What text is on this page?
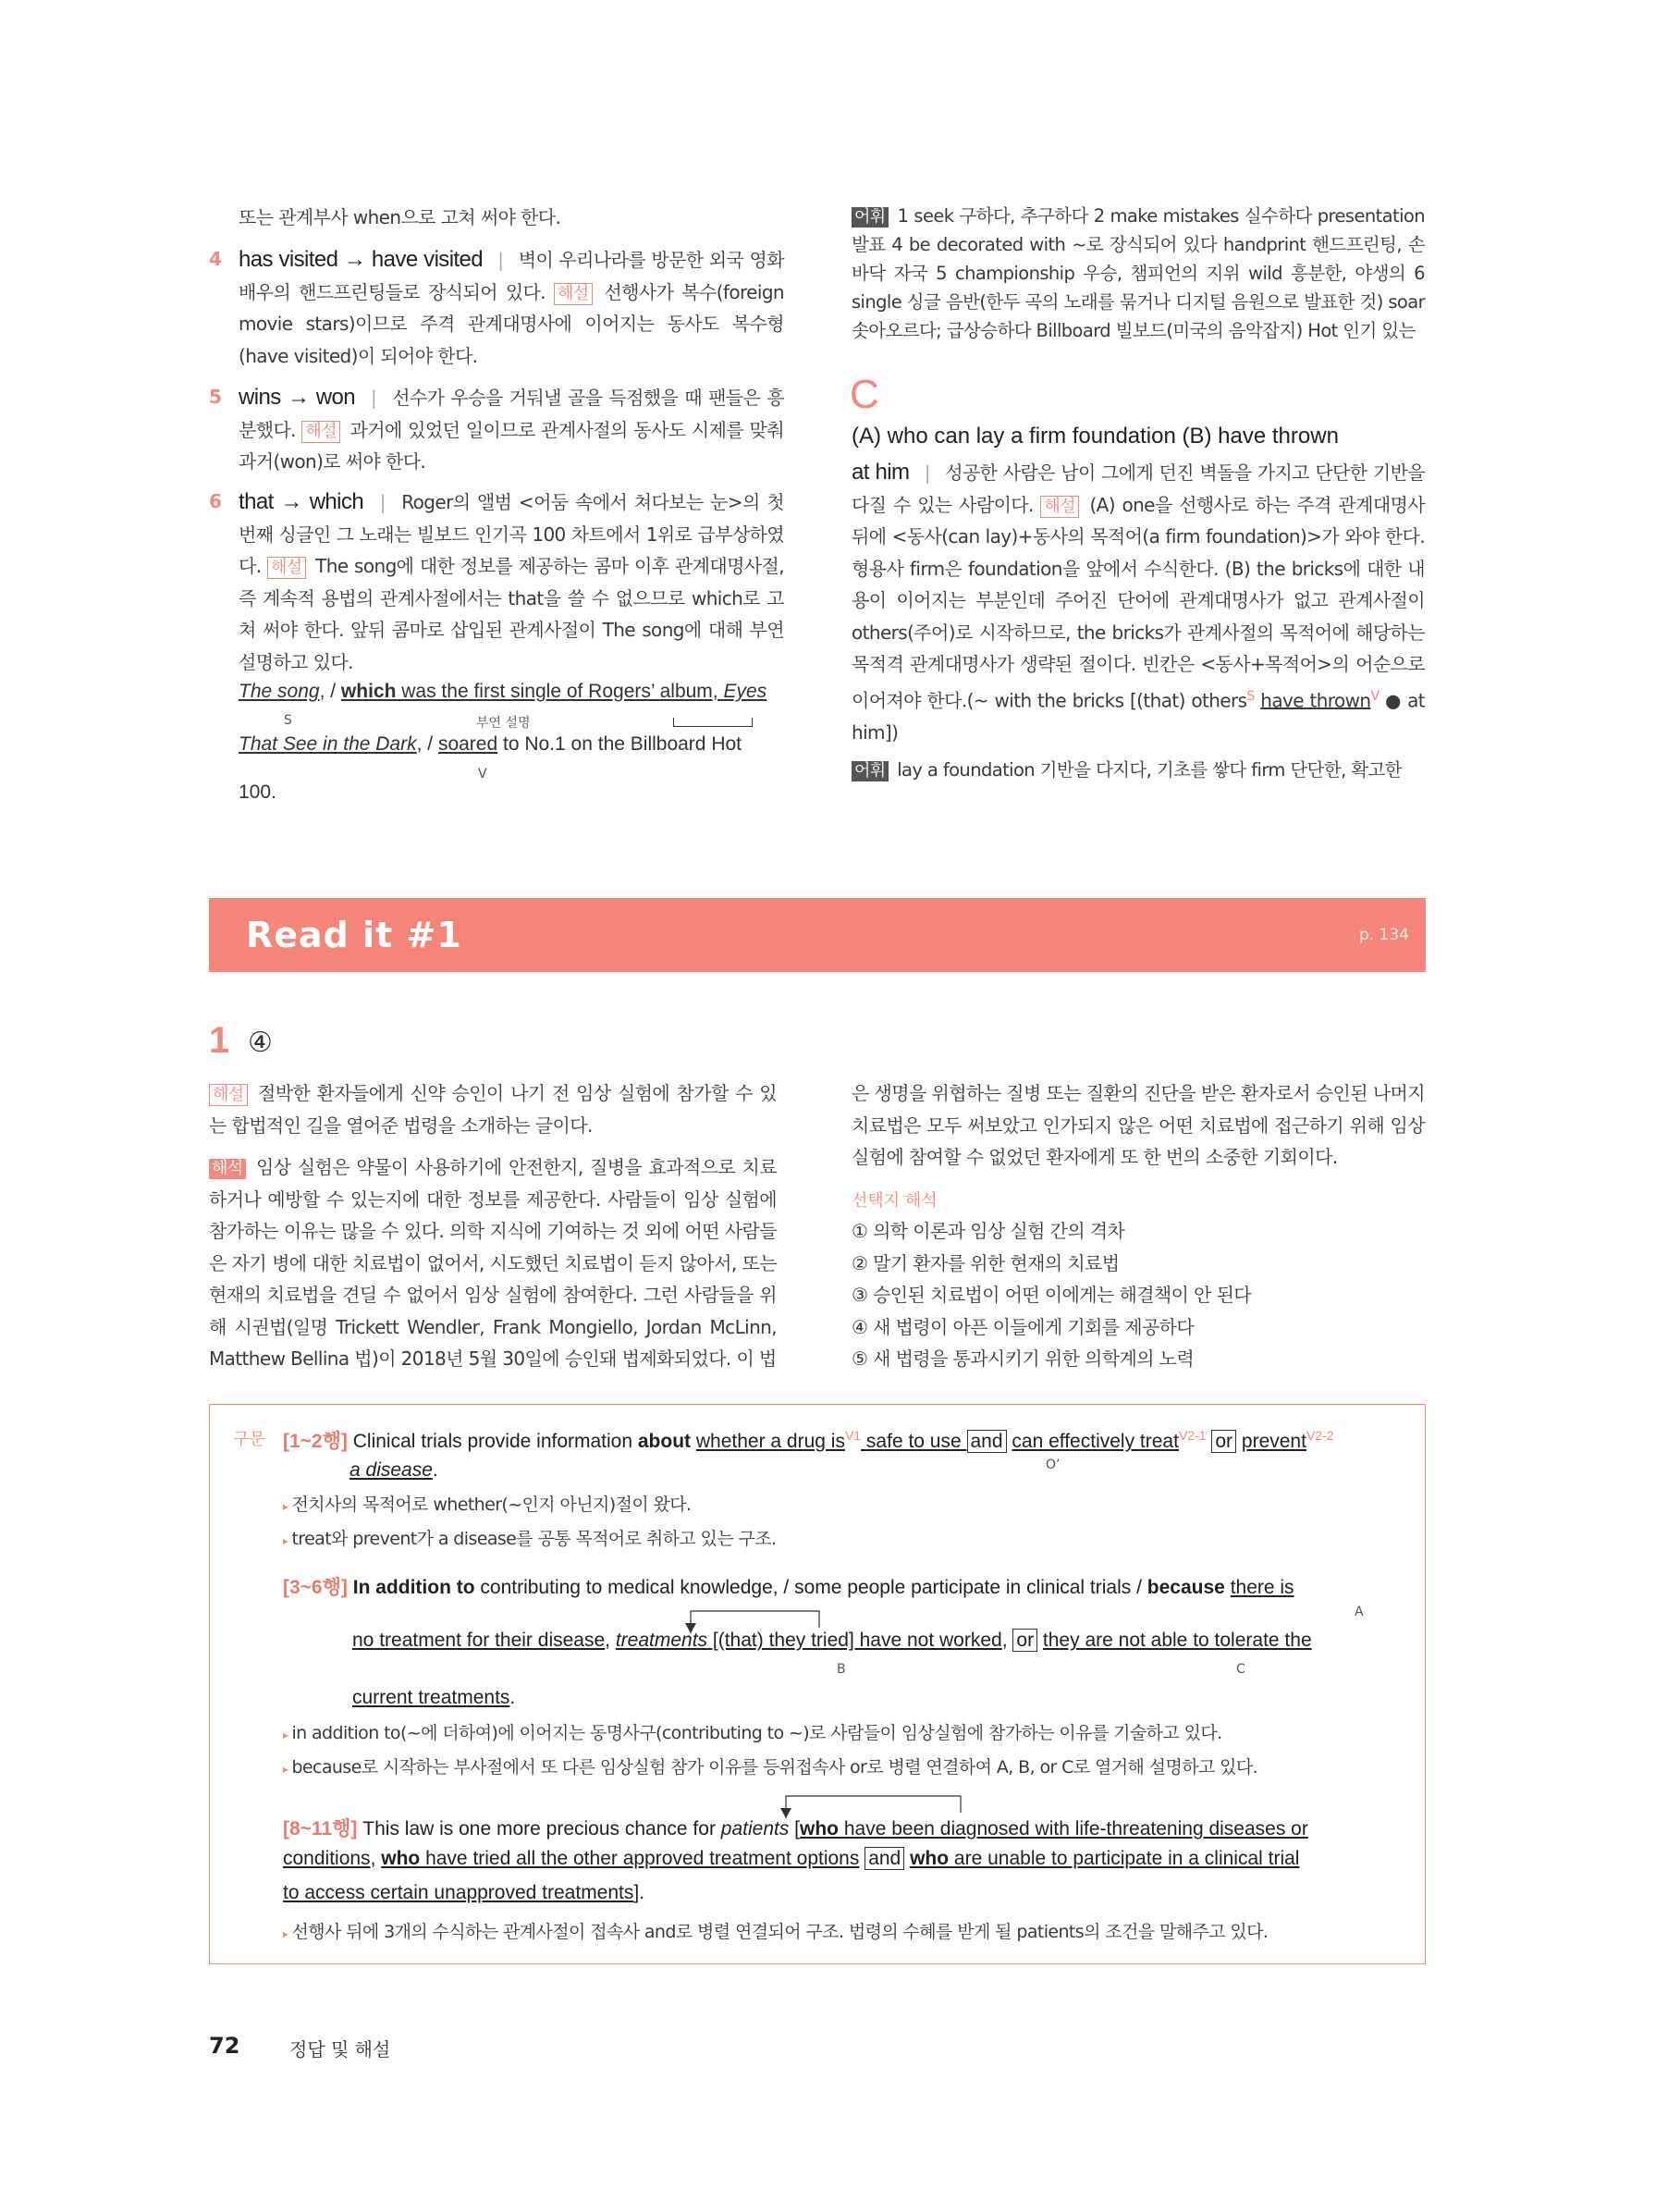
또는 관계부사 when으로 고쳐 써야 한다.
4 has visited → have visited | 벽이 우리나라를 방문한 외국 영화배우의 핸드프린팅들로 장식되어 있다. 해설 선행사가 복수(foreign movie stars)이므로 주격 관계대명사에 이어지는 동사도 복수형(have visited)이 되어야 한다.
5 wins → won | 선수가 우승을 거둬낼 골을 득점했을 때 팬들은 흥분했다. 해설 과거에 있었던 일이므로 관계사절의 동사도 시제를 맞춰 과거(won)로 써야 한다.
6 that → which | Roger의 앨범 <어둠 속에서 쳐다보는 눈>의 첫 번째 싱글인 그 노래는 빌보드 인기곡 100 차트에서 1위로 급부상하였다. 해설 The song에 대한 정보를 제공하는 콤마 이후 관계대명사절, 즉 계속적 용법의 관계사절에서는 that을 쓸 수 없으므로 which로 고쳐 써야 한다. 앞뒤 콤마로 삽입된 관계사절이 The song에 대해 부연 설명하고 있다.
The song, / which was the first single of Rogers’ album, Eyes
S	부연 설명
That See in the Dark, / soared to No.1 on the Billboard Hot
V
100.
어휘 1 seek 구하다, 추구하다 2 make mistakes 실수하다 presentation 발표 4 be decorated with ~로 장식되어 있다 handprint 핸드프린팅, 손바닥 자국 5 championship 우승, 챔피언의 지위 wild 흥분한, 야생의 6 single 싱글 음반(한두 곡의 노래를 묶거나 디지털 음원으로 발표한 것) soar 솟아오르다; 급상승하다 Billboard 빌보드(미국의 음악잡지) Hot 인기 있는
C
(A) who can lay a firm foundation (B) have thrown
at him | 성공한 사람은 남이 그에게 던진 벽돌을 가지고 단단한 기반을 다질 수 있는 사람이다. 해설 (A) one을 선행사로 하는 주격 관계대명사 뒤에 <동사(can lay)+동사의 목적어(a firm foundation)>가 와야 한다. 형용사 firm은 foundation을 앞에서 수식한다. (B) the bricks에 대한 내용이 이어지는 부분인데 주어진 단어에 관계대명사가 없고 관계사절이 others(주어)로 시작하므로, the bricks가 관계사절의 목적어에 해당하는 목적격 관계대명사가 생략된 절이다. 빈칸은 <동사+목적어>의 어순으로 이어져야 한다.(~ with the bricks [(that) others$^S$ have thrown$^V$ ● at him])
어휘 lay a foundation 기반을 다지다, 기초를 쌓다 firm 단단한, 확고한
Read it #1	p. 134
1 ④
해설 절박한 환자들에게 신약 승인이 나기 전 임상 실험에 참가할 수 있는 합법적인 길을 열어준 법령을 소개하는 글이다.
해석 임상 실험은 약물이 사용하기에 안전한지, 질병을 효과적으로 치료하거나 예방할 수 있는지에 대한 정보를 제공한다. 사람들이 임상 실험에 참가하는 이유는 많을 수 있다. 의학 지식에 기여하는 것 외에 어떤 사람들은 자기 병에 대한 치료법이 없어서, 시도했던 치료법이 듣지 않아서, 또는 현재의 치료법을 견딜 수 없어서 임상 실험에 참여한다. 그런 사람들을 위해 시권법(일명 Trickett Wendler, Frank Mongiello, Jordan McLinn, Matthew Bellina 법)이 2018년 5월 30일에 승인돼 법제화되었다. 이 법
은 생명을 위협하는 질병 또는 질환의 진단을 받은 환자로서 승인된 나머지 치료법은 모두 써보았고 인가되지 않은 어떤 치료법에 접근하기 위해 임상 실험에 참여할 수 없었던 환자에게 또 한 번의 소중한 기회이다.
선택지 해석
① 의학 이론과 임상 실험 간의 격차
② 말기 환자를 위한 현재의 치료법
③ 승인된 치료법이 어떤 이에게는 해결책이 안 된다
④ 새 법령이 아픈 이들에게 기회를 제공하다
⑤ 새 법령을 통과시키기 위한 의학계의 노력
구문 [1~2행] Clinical trials provide information about whether a drug $is^{V1}$ safe to use and can effectively treat$^{V2-1}$ or prevent$^{V2-2}$
O’
a disease.
▸ 전치사의 목적어로 whether(~인지 아닌지)절이 왔다.
▸ treat와 prevent가 a disease를 공통 목적어로 취하고 있는 구조.
[3~6행] In addition to contributing to medical knowledge, / some people participate in clinical trials / because there is
A
no treatment for their disease, treatments [(that) they tried] have not worked, or they are not able to tolerate the
B	C
current treatments.
▸ in addition to(~에 더하여)에 이어지는 동명사구(contributing to ~)로 사람들이 임상실험에 참가하는 이유를 기술하고 있다.
▸ because로 시작하는 부사절에서 또 다른 임상실험 참가 이유를 등위접속사 or로 병렬 연결하여 A, B, or C로 열거해 설명하고 있다.
[8~11행] This law is one more precious chance for patients [who have been diagnosed with life-threatening diseases or
conditions, who have tried all the other approved treatment options and who are unable to participate in a clinical trial
to access certain unapproved treatments].
▸ 선행사 뒤에 3개의 수식하는 관계사절이 접속사 and로 병렬 연결되어 구조. 법령의 수혜를 받게 될 patients의 조건을 말해주고 있다.
72	정답 및 해설
